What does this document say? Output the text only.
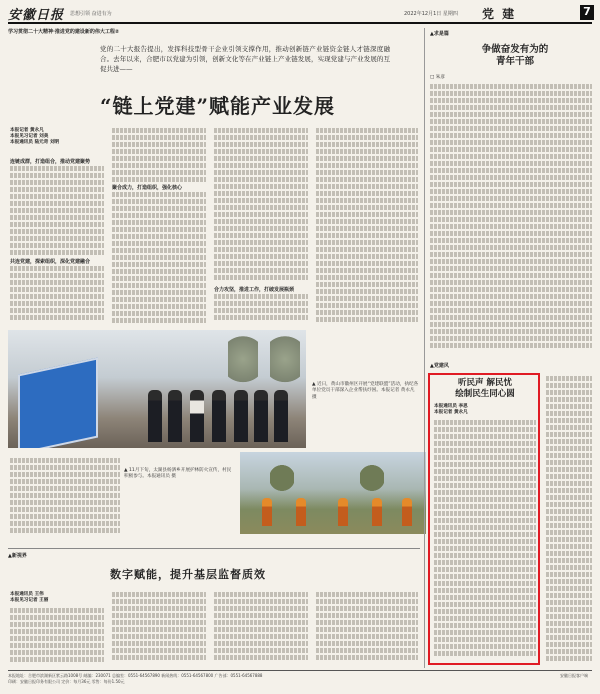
安徽日报 思想引领 奋进有为	2022年12月1日 星期四 党 建	7
学习贯彻二十大精神·推进党的建设新的伟大工程②
党的二十大报告提出，发挥科技型骨干企业引领支撑作用，推动创新链产业链资金链人才链深度融合。去年以来，合肥市以党建为引领，创新文化等在产业链上产业链发展，实现党建与产业发展的互促共进——
“链上党建”赋能产业发展
本报记者 黄永凡
本报见习记者 刘美
本报通讯员 陆元奇 刘明
连链成群，打造组合，推动党建聚势
聚合成力，打造组织，强化核心
共连党建，探索组织，深化党建融合
合力攻坚，推进工作，打破发展瓶颈
▲ 近日，黄山市徽州区开展“党建联盟”活动，执纪各单位党员干部深入企业帮扶纾困。本报记者 黄永凡 摄
▲ 11月下旬，太湖县杨泗乡开展护林防火宣传，村民积极参与。本报通讯员 摄
▲新视界
数字赋能，提升基层监督质效
本报通讯员 王伟
本报见习记者 王丽
▲求是篇
争做奋发有为的
青年干部
□ 朱彦
▲党建风
听民声 解民忧
绘制民生同心圆
本报通讯员 李思
本报记者 黄永凡
本报地址：合肥市滨湖新区紫云路1008号 邮编：230071 总编室：0551-64567890 新闻热线：0551-64567800 广告部：0551-64567888
印刷：安徽日报印务有限公司 定价：每月36元 零售：每份1.50元
安徽日报客户端
